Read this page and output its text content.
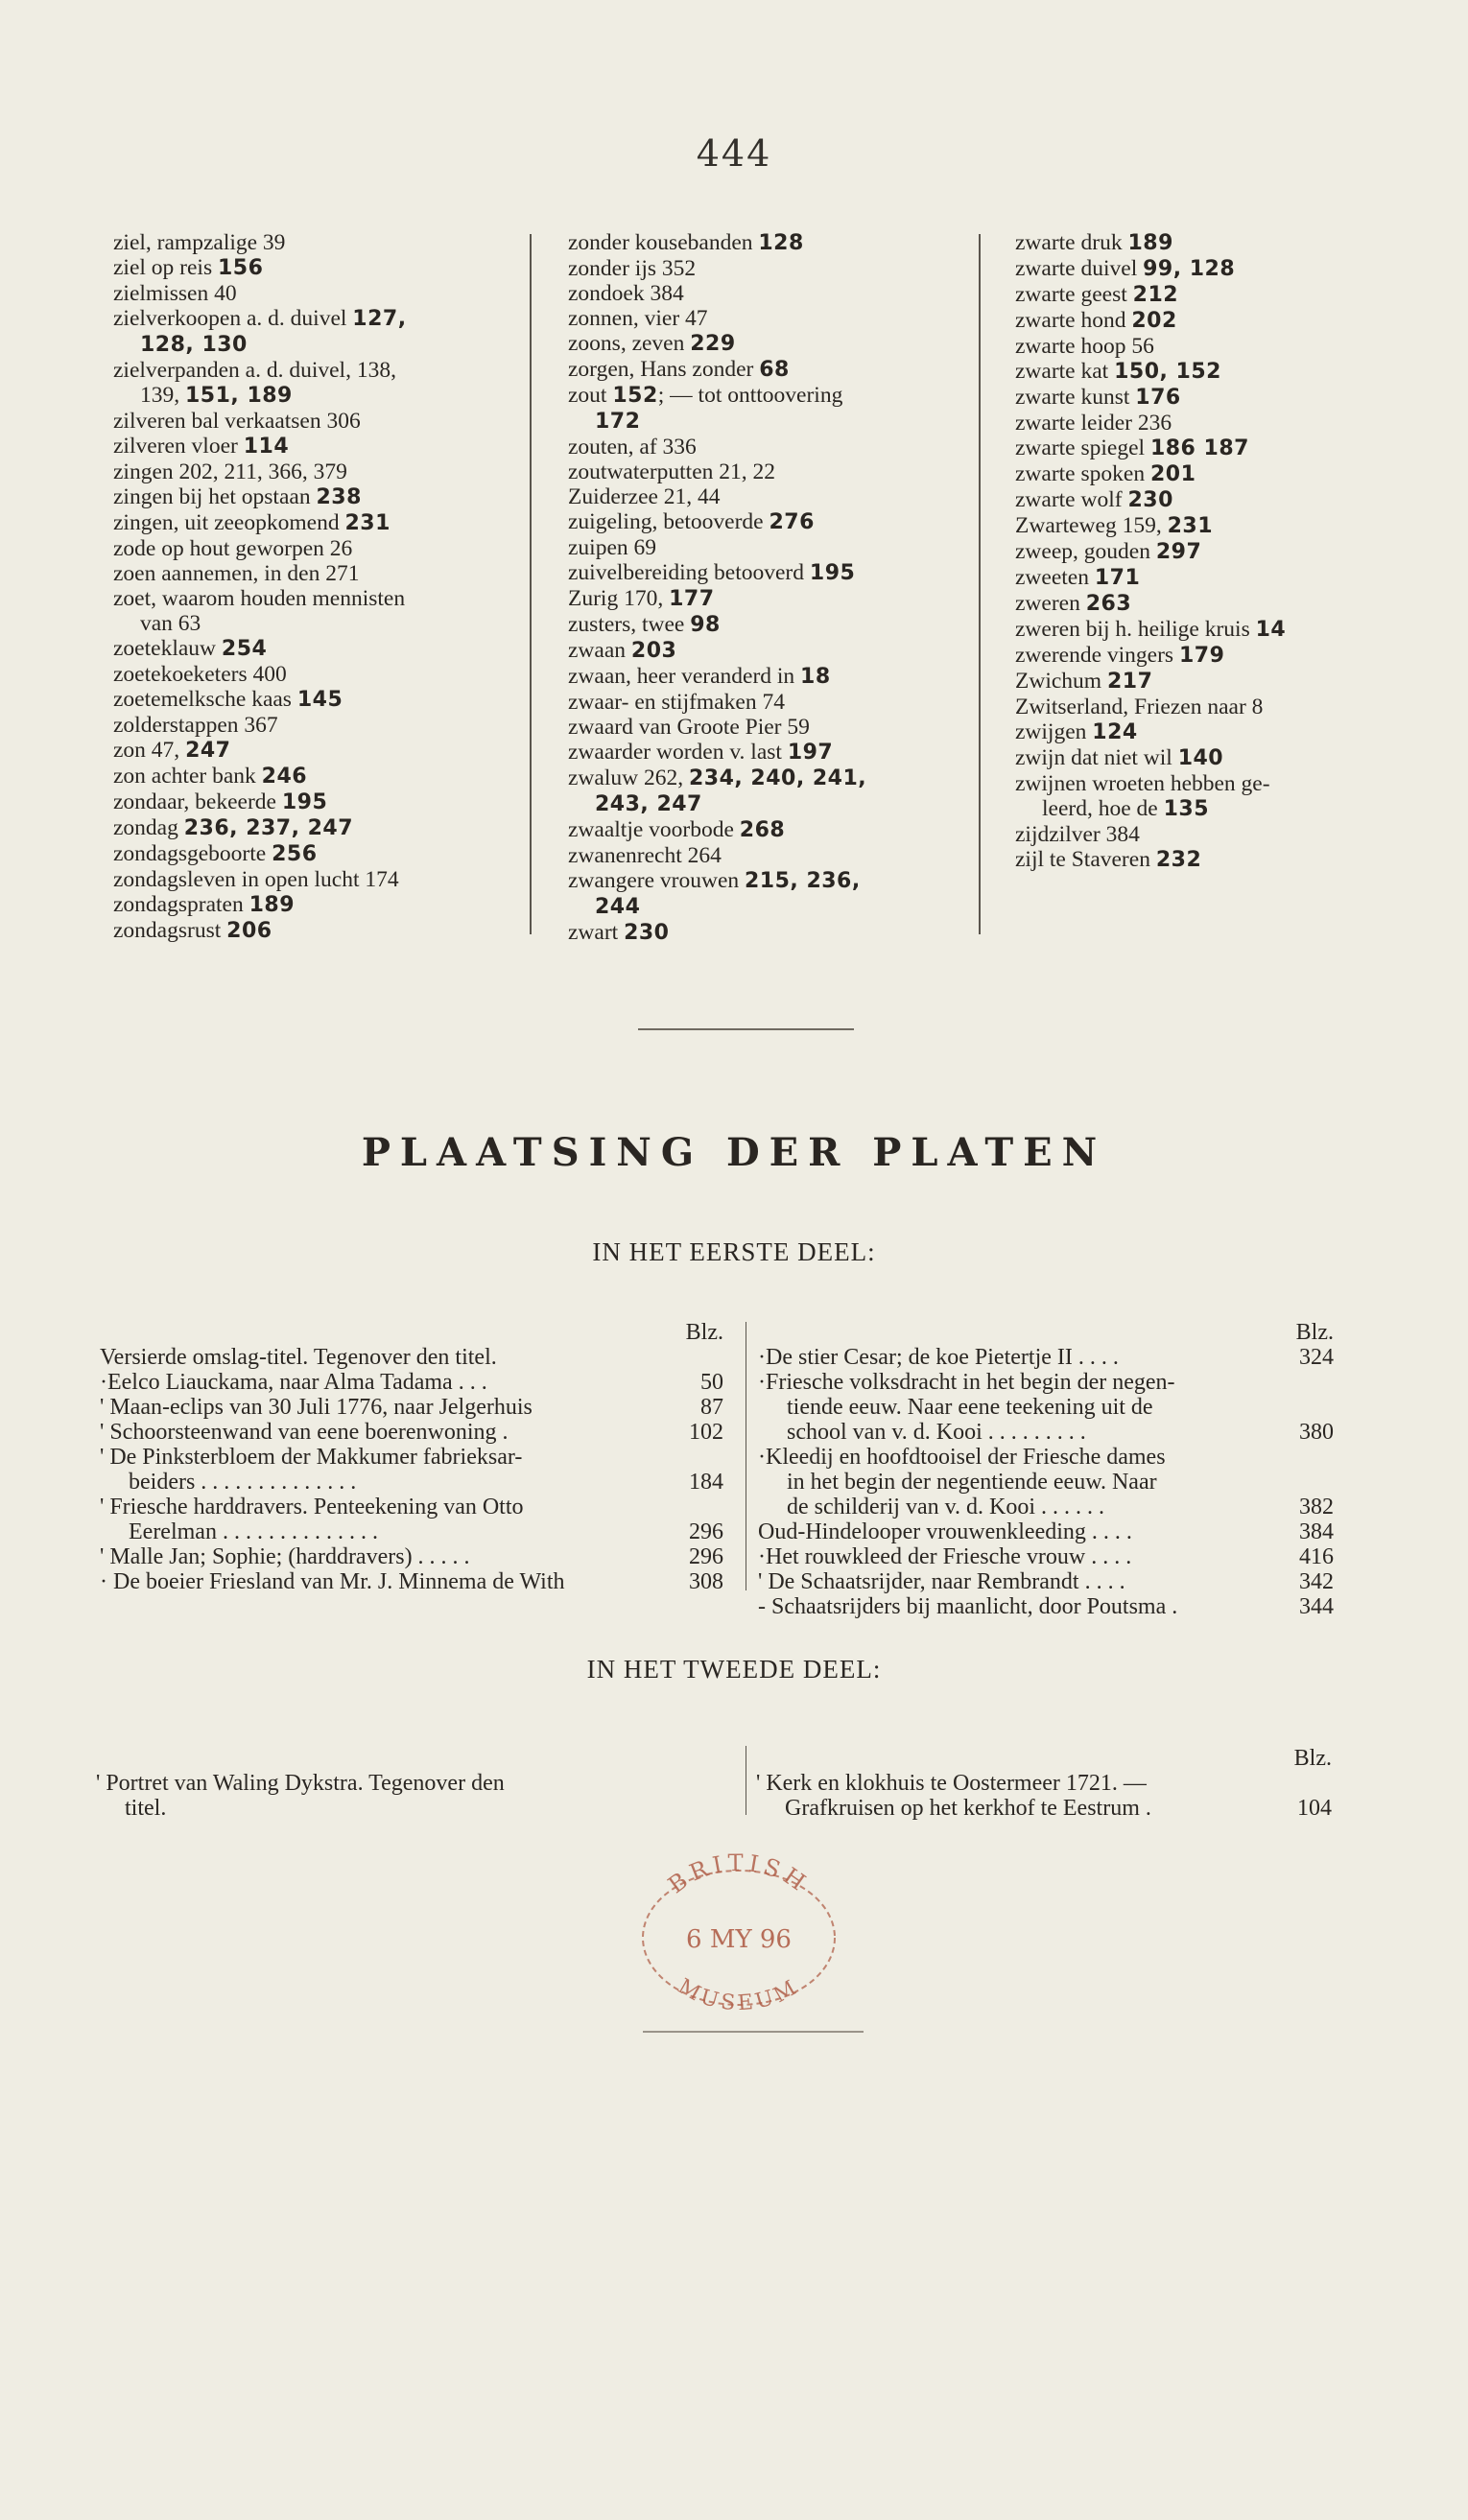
444
ziel, rampzalige 39
ziel op reis 156
zielmissen 40
zielverkoopen a. d. duivel 127,
128, 130
zielverpanden a. d. duivel, 138,
139, 151, 189
zilveren bal verkaatsen 306
zilveren vloer 114
zingen 202, 211, 366, 379
zingen bij het opstaan 238
zingen, uit zeeopkomend 231
zode op hout geworpen 26
zoen aannemen, in den 271
zoet, waarom houden mennisten
van 63
zoeteklauw 254
zoetekoeketers 400
zoetemelksche kaas 145
zolderstappen 367
zon 47, 247
zon achter bank 246
zondaar, bekeerde 195
zondag 236, 237, 247
zondagsgeboorte 256
zondagsleven in open lucht 174
zondagspraten 189
zondagsrust 206
zonder kousebanden 128
zonder ijs 352
zondoek 384
zonnen, vier 47
zoons, zeven 229
zorgen, Hans zonder 68
zout 152; — tot onttoovering
172
zouten, af 336
zoutwaterputten 21, 22
Zuiderzee 21, 44
zuigeling, betooverde 276
zuipen 69
zuivelbereiding betooverd 195
Zurig 170, 177
zusters, twee 98
zwaan 203
zwaan, heer veranderd in 18
zwaar- en stijfmaken 74
zwaard van Groote Pier 59
zwaarder worden v. last 197
zwaluw 262, 234, 240, 241,
243, 247
zwaaltje voorbode 268
zwanenrecht 264
zwangere vrouwen 215, 236,
244
zwart 230
zwarte druk 189
zwarte duivel 99, 128
zwarte geest 212
zwarte hond 202
zwarte hoop 56
zwarte kat 150, 152
zwarte kunst 176
zwarte leider 236
zwarte spiegel 186 187
zwarte spoken 201
zwarte wolf 230
Zwarteweg 159, 231
zweep, gouden 297
zweeten 171
zweren 263
zweren bij h. heilige kruis 14
zwerende vingers 179
Zwichum 217
Zwitserland, Friezen naar 8
zwijgen 124
zwijn dat niet wil 140
zwijnen wroeten hebben ge-
leerd, hoe de 135
zijdzilver 384
zijl te Staveren 232
PLAATSING DER PLATEN
IN HET EERSTE DEEL:
Blz.
Versierde omslag-titel. Tegenover den titel.
·Eelco Liauckama, naar Alma Tadama . . .	50
' Maan-eclips van 30 Juli 1776, naar Jelgerhuis	87
' Schoorsteenwand van eene boerenwoning .	102
' De Pinksterbloem der Makkumer fabrieksar-
beiders . . . . . . . . . . . . . .	184
' Friesche harddravers. Penteekening van Otto
Eerelman . . . . . . . . . . . . . .	296
' Malle Jan; Sophie; (harddravers) . . . . .	296
· De boeier Friesland van Mr. J. Minnema de With	308
Blz.
·De stier Cesar; de koe Pietertje II . . . .	324
·Friesche volksdracht in het begin der negen-
tiende eeuw. Naar eene teekening uit de
school van v. d. Kooi . . . . . . . . .	380
·Kleedij en hoofdtooisel der Friesche dames
in het begin der negentiende eeuw. Naar
de schilderij van v. d. Kooi . . . . . .	382
Oud-Hindelooper vrouwenkleeding . . . .	384
·Het rouwkleed der Friesche vrouw . . . .	416
' De Schaatsrijder, naar Rembrandt . . . .	342
- Schaatsrijders bij maanlicht, door Poutsma .	344
IN HET TWEEDE DEEL:
' Portret van Waling Dykstra. Tegenover den
titel.
Blz.
' Kerk en klokhuis te Oostermeer 1721. —
Grafkruisen op het kerkhof te Eestrum .	104
BRITISH
6 MY 96
MUSEUM
